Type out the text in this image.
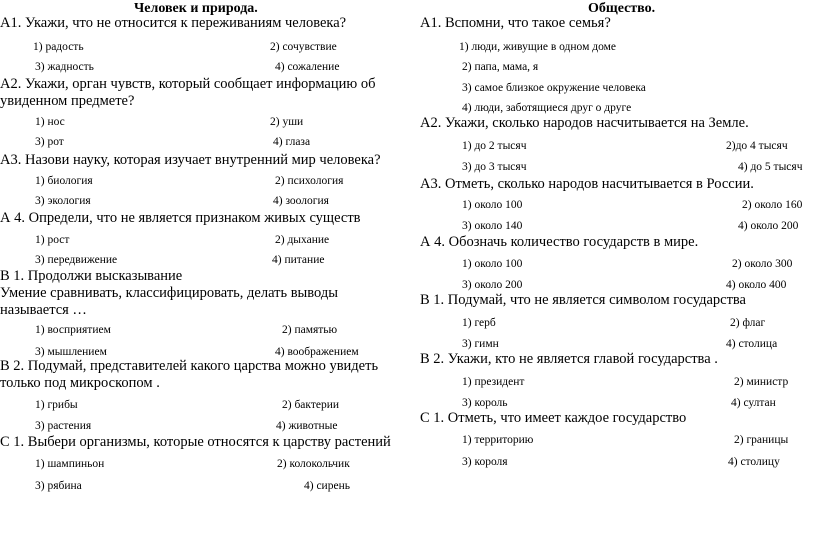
Человек и природа.
А1. Укажи, что не относится к переживаниям человека?
1) радость	2) сочувствие
3) жадность	4) сожаление
А2. Укажи, орган чувств, который сообщает информацию об
увиденном предмете?
1) нос	2) уши
3) рот	4) глаза
А3. Назови науку, которая изучает внутренний мир человека?
1) биология	2) психология
3) экология	4) зоология
А 4. Определи, что не является признаком живых существ
1) рост	2) дыхание
3) передвижение	4) питание
В 1. Продолжи высказывание
Умение сравнивать, классифицировать, делать выводы
называется …
1) восприятием	2) памятью
3) мышлением	4) воображением
В 2. Подумай, представителей какого царства можно увидеть
только под микроскопом .
1) грибы	2) бактерии
3) растения	4) животные
С 1. Выбери организмы, которые относятся к царству растений
1) шампиньон	2) колокольчик
3) рябина	4) сирень
Общество.
А1. Вспомни, что такое семья?
1) люди, живущие в одном доме
2) папа, мама, я
3) самое близкое окружение человека
4) люди, заботящиеся друг о друге
А2. Укажи, сколько народов насчитывается на Земле.
1) до 2 тысяч	2)до 4 тысяч
3) до 3 тысяч	4) до 5 тысяч
А3. Отметь, сколько народов насчитывается в России.
1) около 100	2) около 160
3) около 140	4) около 200
А 4. Обозначь количество государств в мире.
1) около 100	2) около 300
3) около 200	4) около 400
В 1. Подумай, что не является символом государства
1) герб	2) флаг
3) гимн	4) столица
В 2. Укажи, кто не является главой государства .
1) президент	2) министр
3) король	4) султан
С 1. Отметь, что имеет каждое государство
1) территорию	2) границы
3) короля	4) столицу
